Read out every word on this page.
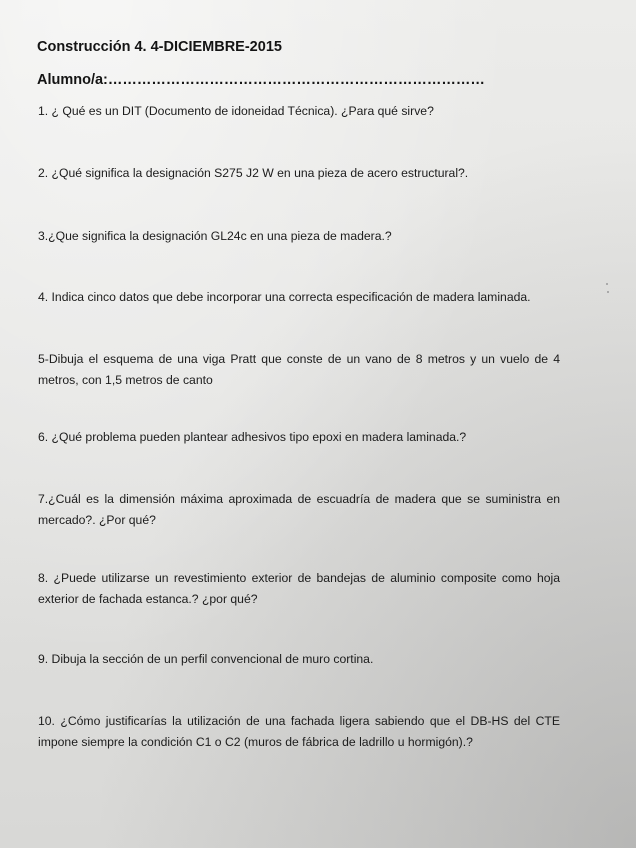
Construcción 4. 4-DICIEMBRE-2015
Alumno/a:……………………………………………………………………
1. ¿ Qué es un DIT (Documento de idoneidad Técnica). ¿Para qué sirve?
2. ¿Qué significa la designación S275 J2 W en una pieza de acero estructural?.
3.¿Que significa la designación GL24c en una pieza de madera.?
4. Indica cinco datos que debe incorporar una correcta especificación de madera laminada.
5-Dibuja el esquema de una viga Pratt que conste de un vano de 8 metros y un vuelo de 4 metros, con 1,5 metros de canto
6. ¿Qué problema pueden plantear adhesivos tipo epoxi en madera laminada.?
7.¿Cuál es la dimensión máxima aproximada de escuadría de madera que se suministra en mercado?. ¿Por qué?
8. ¿Puede utilizarse un revestimiento exterior de bandejas de aluminio composite como hoja exterior de fachada estanca.? ¿por qué?
9. Dibuja la sección de un perfil convencional de muro cortina.
10. ¿Cómo justificarías la utilización de una fachada ligera sabiendo que el DB-HS del CTE impone siempre la condición C1 o C2 (muros de fábrica de ladrillo u hormigón).?
